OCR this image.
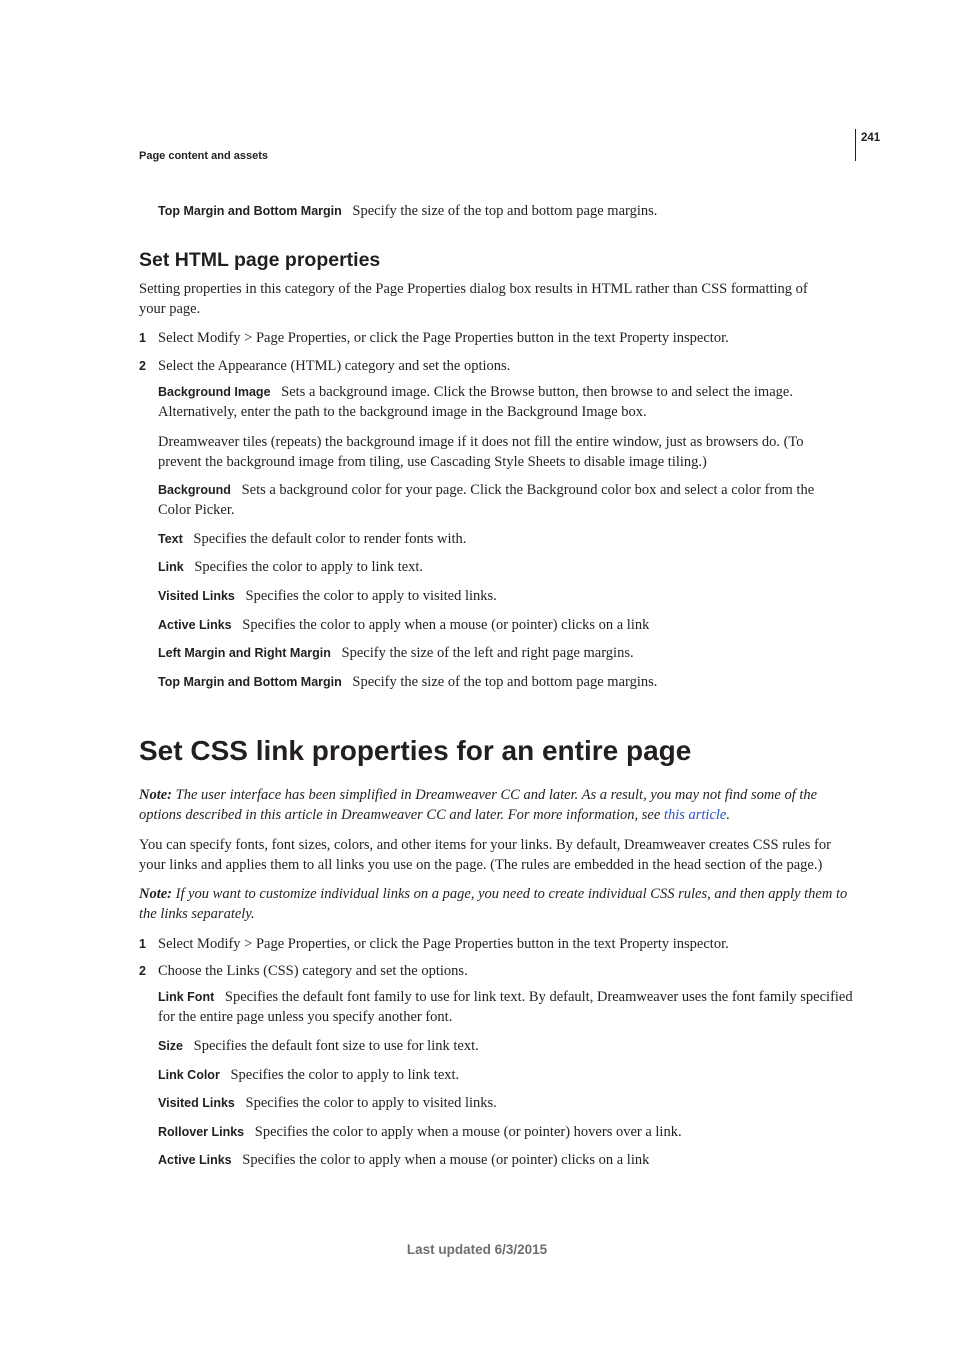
241
Page content and assets
Top Margin and Bottom Margin Specify the size of the top and bottom page margins.
Set HTML page properties
Setting properties in this category of the Page Properties dialog box results in HTML rather than CSS formatting of
your page.
1 Select Modify > Page Properties, or click the Page Properties button in the text Property inspector.
2 Select the Appearance (HTML) category and set the options.
Background Image Sets a background image. Click the Browse button, then browse to and select the image.
Alternatively, enter the path to the background image in the Background Image box.
Dreamweaver tiles (repeats) the background image if it does not fill the entire window, just as browsers do. (To
prevent the background image from tiling, use Cascading Style Sheets to disable image tiling.)
Background Sets a background color for your page. Click the Background color box and select a color from the
Color Picker.
Text Specifies the default color to render fonts with.
Link Specifies the color to apply to link text.
Visited Links Specifies the color to apply to visited links.
Active Links Specifies the color to apply when a mouse (or pointer) clicks on a link
Left Margin and Right Margin Specify the size of the left and right page margins.
Top Margin and Bottom Margin Specify the size of the top and bottom page margins.
Set CSS link properties for an entire page
Note: The user interface has been simplified in Dreamweaver CC and later. As a result, you may not find some of the
options described in this article in Dreamweaver CC and later. For more information, see this article.
You can specify fonts, font sizes, colors, and other items for your links. By default, Dreamweaver creates CSS rules for
your links and applies them to all links you use on the page. (The rules are embedded in the head section of the page.)
Note: If you want to customize individual links on a page, you need to create individual CSS rules, and then apply them to
the links separately.
1 Select Modify > Page Properties, or click the Page Properties button in the text Property inspector.
2 Choose the Links (CSS) category and set the options.
Link Font Specifies the default font family to use for link text. By default, Dreamweaver uses the font family specified
for the entire page unless you specify another font.
Size Specifies the default font size to use for link text.
Link Color Specifies the color to apply to link text.
Visited Links Specifies the color to apply to visited links.
Rollover Links Specifies the color to apply when a mouse (or pointer) hovers over a link.
Active Links Specifies the color to apply when a mouse (or pointer) clicks on a link
Last updated 6/3/2015
